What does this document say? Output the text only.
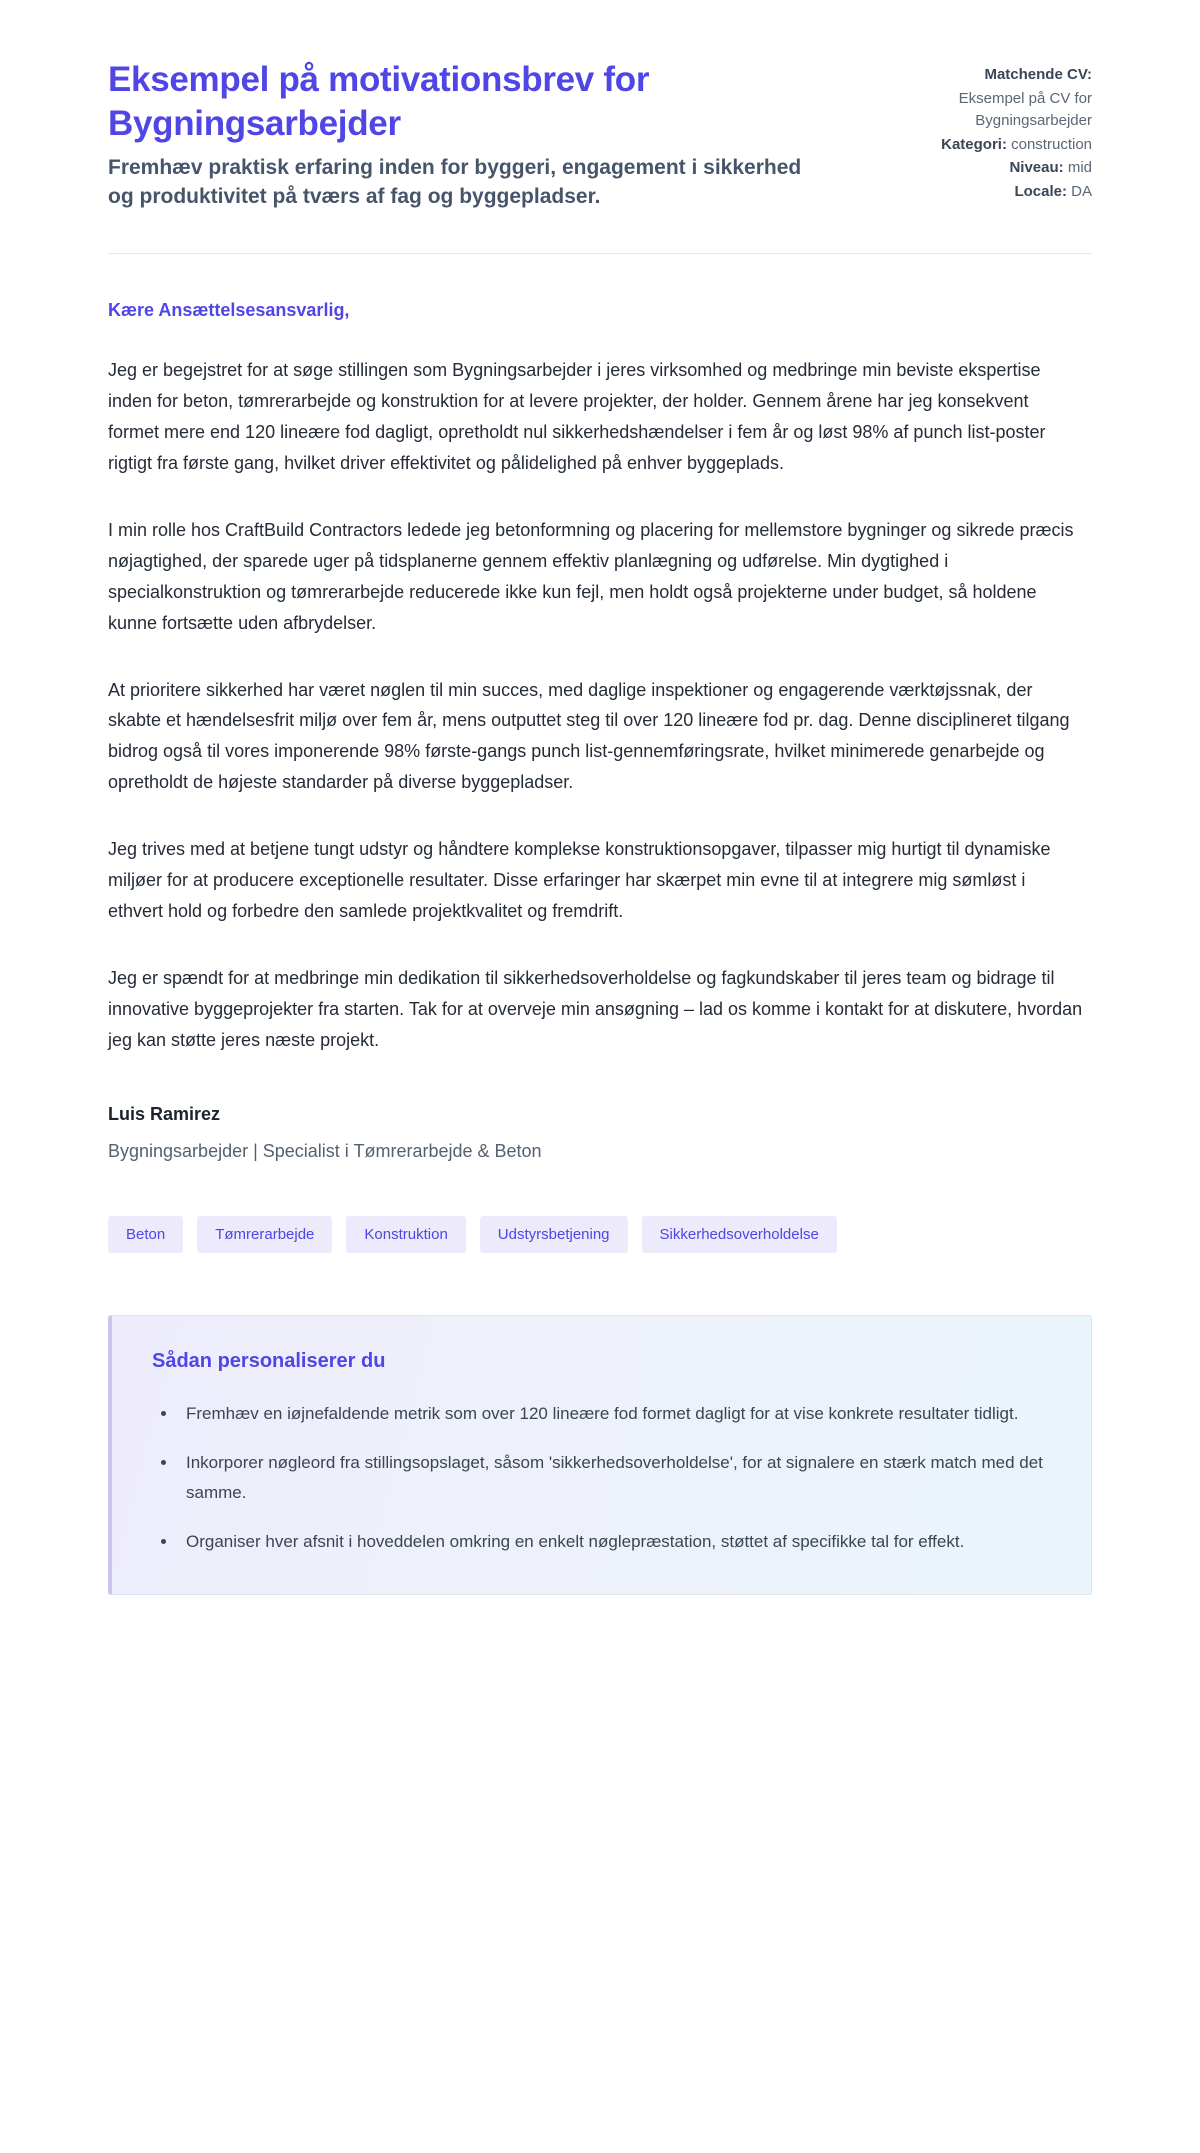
Eksempel på motivationsbrev for Bygningsarbejder

Fremhæv praktisk erfaring inden for byggeri, engagement i sikkerhed og produktivitet på tværs af fag og byggepladser.

Matchende CV:
Eksempel på CV for Bygningsarbejder
Kategori: construction
Niveau: mid
Locale: DA

Kære Ansættelsesansvarlig,

Jeg er begejstret for at søge stillingen som Bygningsarbejder i jeres virksomhed og medbringe min beviste ekspertise inden for beton, tømrerarbejde og konstruktion for at levere projekter, der holder. Gennem årene har jeg konsekvent formet mere end 120 lineære fod dagligt, opretholdt nul sikkerhedshændelser i fem år og løst 98% af punch list-poster rigtigt fra første gang, hvilket driver effektivitet og pålidelighed på enhver byggeplads.

I min rolle hos CraftBuild Contractors ledede jeg betonformning og placering for mellemstore bygninger og sikrede præcis nøjagtighed, der sparede uger på tidsplanerne gennem effektiv planlægning og udførelse. Min dygtighed i specialkonstruktion og tømrerarbejde reducerede ikke kun fejl, men holdt også projekterne under budget, så holdene kunne fortsætte uden afbrydelser.

At prioritere sikkerhed har været nøglen til min succes, med daglige inspektioner og engagerende værktøjssnak, der skabte et hændelsesfrit miljø over fem år, mens outputtet steg til over 120 lineære fod pr. dag. Denne disciplineret tilgang bidrog også til vores imponerende 98% første-gangs punch list-gennemføringsrate, hvilket minimerede genarbejde og opretholdt de højeste standarder på diverse byggepladser.

Jeg trives med at betjene tungt udstyr og håndtere komplekse konstruktionsopgaver, tilpasser mig hurtigt til dynamiske miljøer for at producere exceptionelle resultater. Disse erfaringer har skærpet min evne til at integrere mig sømløst i ethvert hold og forbedre den samlede projektkvalitet og fremdrift.

Jeg er spændt for at medbringe min dedikation til sikkerhedsoverholdelse og fagkundskaber til jeres team og bidrage til innovative byggeprojekter fra starten. Tak for at overveje min ansøgning – lad os komme i kontakt for at diskutere, hvordan jeg kan støtte jeres næste projekt.

Luis Ramirez

Bygningsarbejder | Specialist i Tømrerarbejde & Beton

Beton	Tømrerarbejde	Konstruktion	Udstyrsbetjening	Sikkerhedsoverholdelse
Sådan personaliserer du
• Fremhæv en iøjnefaldende metrik som over 120 lineære fod formet dagligt for at vise konkrete resultater tidligt.
• Inkorporer nøgleord fra stillingsopslaget, såsom 'sikkerhedsoverholdelse', for at signalere en stærk match med det samme.
• Organiser hver afsnit i hoveddelen omkring en enkelt nøglepræstation, støttet af specifikke tal for effekt.
